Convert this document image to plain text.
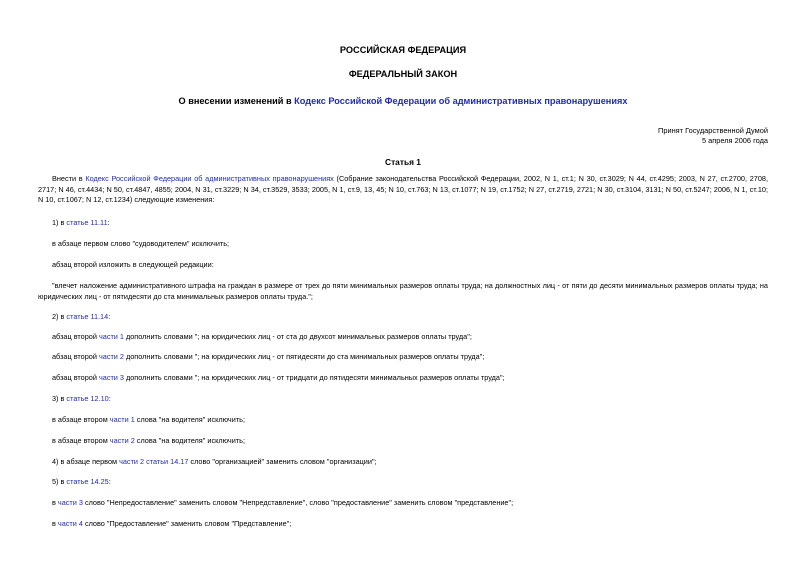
РОССИЙСКАЯ ФЕДЕРАЦИЯ
ФЕДЕРАЛЬНЫЙ ЗАКОН
О внесении изменений в Кодекс Российской Федерации об административных правонарушениях
Принят Государственной Думой
5 апреля 2006 года
Статья 1
Внести в Кодекс Российской Федерации об административных правонарушениях (Собрание законодательства Российской Федерации, 2002, N 1, ст.1; N 30, ст.3029; N 44, ст.4295; 2003, N 27, ст.2700, 2708, 2717; N 46, ст.4434; N 50, ст.4847, 4855; 2004, N 31, ст.3229; N 34, ст.3529, 3533; 2005, N 1, ст.9, 13, 45; N 10, ст.763; N 13, ст.1077; N 19, ст.1752; N 27, ст.2719, 2721; N 30, ст.3104, 3131; N 50, ст.5247; 2006, N 1, ст.10; N 10, ст.1067; N 12, ст.1234) следующие изменения:
1) в статье 11.11:
в абзаце первом слово "судоводителем" исключить;
абзац второй изложить в следующей редакции:
"влечет наложение административного штрафа на граждан в размере от трех до пяти минимальных размеров оплаты труда; на должностных лиц - от пяти до десяти минимальных размеров оплаты труда; на юридических лиц - от пятидесяти до ста минимальных размеров оплаты труда.";
2) в статье 11.14:
абзац второй части 1 дополнить словами "; на юридических лиц - от ста до двухсот минимальных размеров оплаты труда";
абзац второй части 2 дополнить словами "; на юридических лиц - от пятидесяти до ста минимальных размеров оплаты труда";
абзац второй части 3 дополнить словами "; на юридических лиц - от тридцати до пятидесяти минимальных размеров оплаты труда";
3) в статье 12.10:
в абзаце втором части 1 слова "на водителя" исключить;
в абзаце втором части 2 слова "на водителя" исключить;
4) в абзаце первом части 2 статьи 14.17 слово "организацией" заменить словом "организации";
5) в статье 14.25:
в части 3 слово "Непредоставление" заменить словом "Непредставление", слово "предоставление" заменить словом "представление";
в части 4 слово "Предоставление" заменить словом "Представление";
